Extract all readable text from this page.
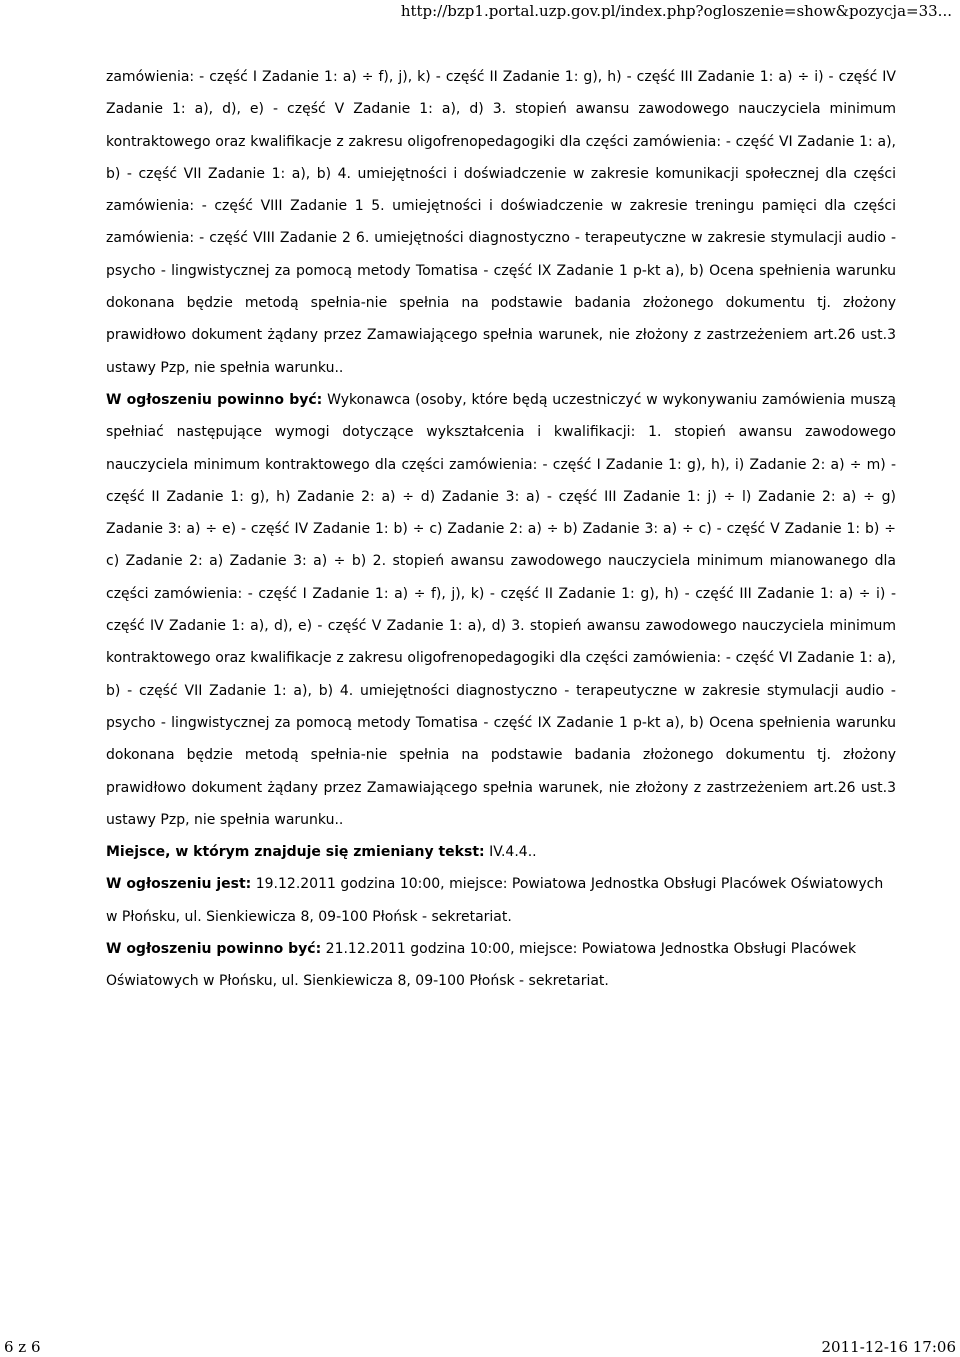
http://bzp1.portal.uzp.gov.pl/index.php?ogloszenie=show&pozycja=33...

zamówienia: - część I Zadanie 1: a) ÷ f), j), k) - część II Zadanie 1: g), h) - część III Zadanie 1: a) ÷ i) - część IV Zadanie 1: a), d), e) - część V Zadanie 1: a), d) 3. stopień awansu zawodowego nauczyciela minimum kontraktowego oraz kwalifikacje z zakresu oligofrenopedagogiki dla części zamówienia: - część VI Zadanie 1: a), b) - część VII Zadanie 1: a), b) 4. umiejętności i doświadczenie w zakresie komunikacji społecznej dla części zamówienia: - część VIII Zadanie 1 5. umiejętności i doświadczenie w zakresie treningu pamięci dla części zamówienia: - część VIII Zadanie 2 6. umiejętności diagnostyczno - terapeutyczne w zakresie stymulacji audio - psycho - lingwistycznej za pomocą metody Tomatisa - część IX Zadanie 1 p-kt a), b) Ocena spełnienia warunku dokonana będzie metodą spełnia-nie spełnia na podstawie badania złożonego dokumentu tj. złożony prawidłowo dokument żądany przez Zamawiającego spełnia warunek, nie złożony z zastrzeżeniem art.26 ust.3 ustawy Pzp, nie spełnia warunku..

W ogłoszeniu powinno być: Wykonawca (osoby, które będą uczestniczyć w wykonywaniu zamówienia muszą spełniać następujące wymogi dotyczące wykształcenia i kwalifikacji: 1. stopień awansu zawodowego nauczyciela minimum kontraktowego dla części zamówienia: - część I Zadanie 1: g), h), i) Zadanie 2: a) ÷ m) - część II Zadanie 1: g), h) Zadanie 2: a) ÷ d) Zadanie 3: a) - część III Zadanie 1: j) ÷ l) Zadanie 2: a) ÷ g) Zadanie 3: a) ÷ e) - część IV Zadanie 1: b) ÷ c) Zadanie 2: a) ÷ b) Zadanie 3: a) ÷ c) - część V Zadanie 1: b) ÷ c) Zadanie 2: a) Zadanie 3: a) ÷ b) 2. stopień awansu zawodowego nauczyciela minimum mianowanego dla części zamówienia: - część I Zadanie 1: a) ÷ f), j), k) - część II Zadanie 1: g), h) - część III Zadanie 1: a) ÷ i) - część IV Zadanie 1: a), d), e) - część V Zadanie 1: a), d) 3. stopień awansu zawodowego nauczyciela minimum kontraktowego oraz kwalifikacje z zakresu oligofrenopedagogiki dla części zamówienia: - część VI Zadanie 1: a), b) - część VII Zadanie 1: a), b) 4. umiejętności diagnostyczno - terapeutyczne w zakresie stymulacji audio - psycho - lingwistycznej za pomocą metody Tomatisa - część IX Zadanie 1 p-kt a), b) Ocena spełnienia warunku dokonana będzie metodą spełnia-nie spełnia na podstawie badania złożonego dokumentu tj. złożony prawidłowo dokument żądany przez Zamawiającego spełnia warunek, nie złożony z zastrzeżeniem art.26 ust.3 ustawy Pzp, nie spełnia warunku..

Miejsce, w którym znajduje się zmieniany tekst: IV.4.4..

W ogłoszeniu jest: 19.12.2011 godzina 10:00, miejsce: Powiatowa Jednostka Obsługi Placówek Oświatowych w Płońsku, ul. Sienkiewicza 8, 09-100 Płońsk - sekretariat.

W ogłoszeniu powinno być: 21.12.2011 godzina 10:00, miejsce: Powiatowa Jednostka Obsługi Placówek Oświatowych w Płońsku, ul. Sienkiewicza 8, 09-100 Płońsk - sekretariat.

6 z 6	2011-12-16 17:06
